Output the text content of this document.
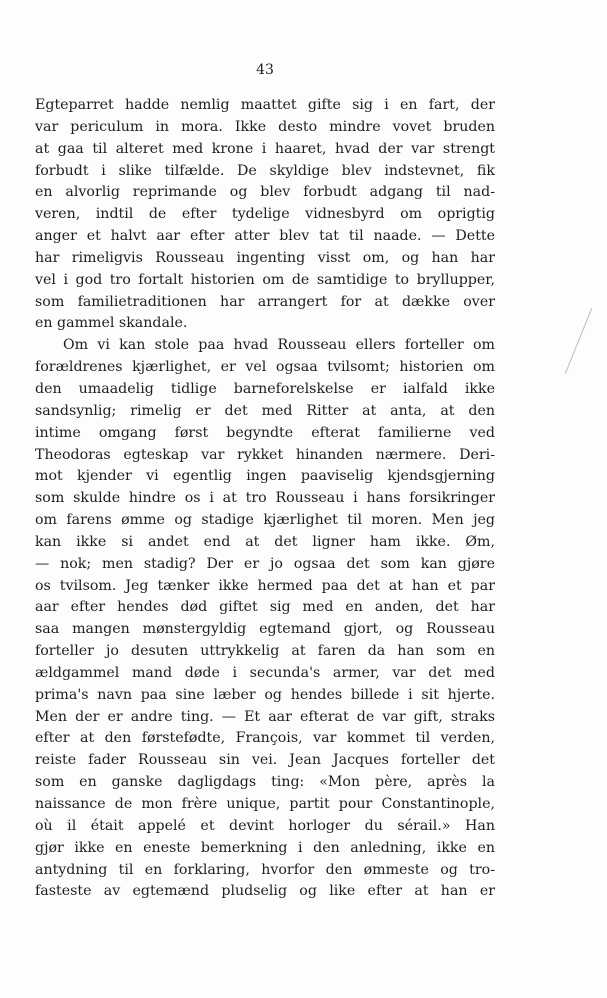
43
Egteparret hadde nemlig maattet gifte sig i en fart, der
var periculum in mora. Ikke desto mindre vovet bruden
at gaa til alteret med krone i haaret, hvad der var strengt
forbudt i slike tilfælde. De skyldige blev indstevnet, fik
en alvorlig reprimande og blev forbudt adgang til nad-
veren, indtil de efter tydelige vidnesbyrd om oprigtig
anger et halvt aar efter atter blev tat til naade. — Dette
har rimeligvis Rousseau ingenting visst om, og han har
vel i god tro fortalt historien om de samtidige to bryllupper,
som familietraditionen har arrangert for at dække over
en gammel skandale.
Om vi kan stole paa hvad Rousseau ellers forteller om
forældrenes kjærlighet, er vel ogsaa tvilsomt; historien om
den umaadelig tidlige barneforelskelse er ialfald ikke
sandsynlig; rimelig er det med Ritter at anta, at den
intime omgang først begyndte efterat familierne ved
Theodoras egteskap var rykket hinanden nærmere. Deri-
mot kjender vi egentlig ingen paaviselig kjendsgjerning
som skulde hindre os i at tro Rousseau i hans forsikringer
om farens ømme og stadige kjærlighet til moren. Men jeg
kan ikke si andet end at det ligner ham ikke. Øm,
— nok; men stadig? Der er jo ogsaa det som kan gjøre
os tvilsom. Jeg tænker ikke hermed paa det at han et par
aar efter hendes død giftet sig med en anden, det har
saa mangen mønstergyldig egtemand gjort, og Rousseau
forteller jo desuten uttrykkelig at faren da han som en
ældgammel mand døde i secunda's armer, var det med
prima's navn paa sine læber og hendes billede i sit hjerte.
Men der er andre ting. — Et aar efterat de var gift, straks
efter at den førstefødte, François, var kommet til verden,
reiste fader Rousseau sin vei. Jean Jacques forteller det
som en ganske dagligdags ting: «Mon père, après la
naissance de mon frère unique, partit pour Constantinople,
où il était appelé et devint horloger du sérail.» Han
gjør ikke en eneste bemerkning i den anledning, ikke en
antydning til en forklaring, hvorfor den ømmeste og tro-
fasteste av egtemænd pludselig og like efter at han er
